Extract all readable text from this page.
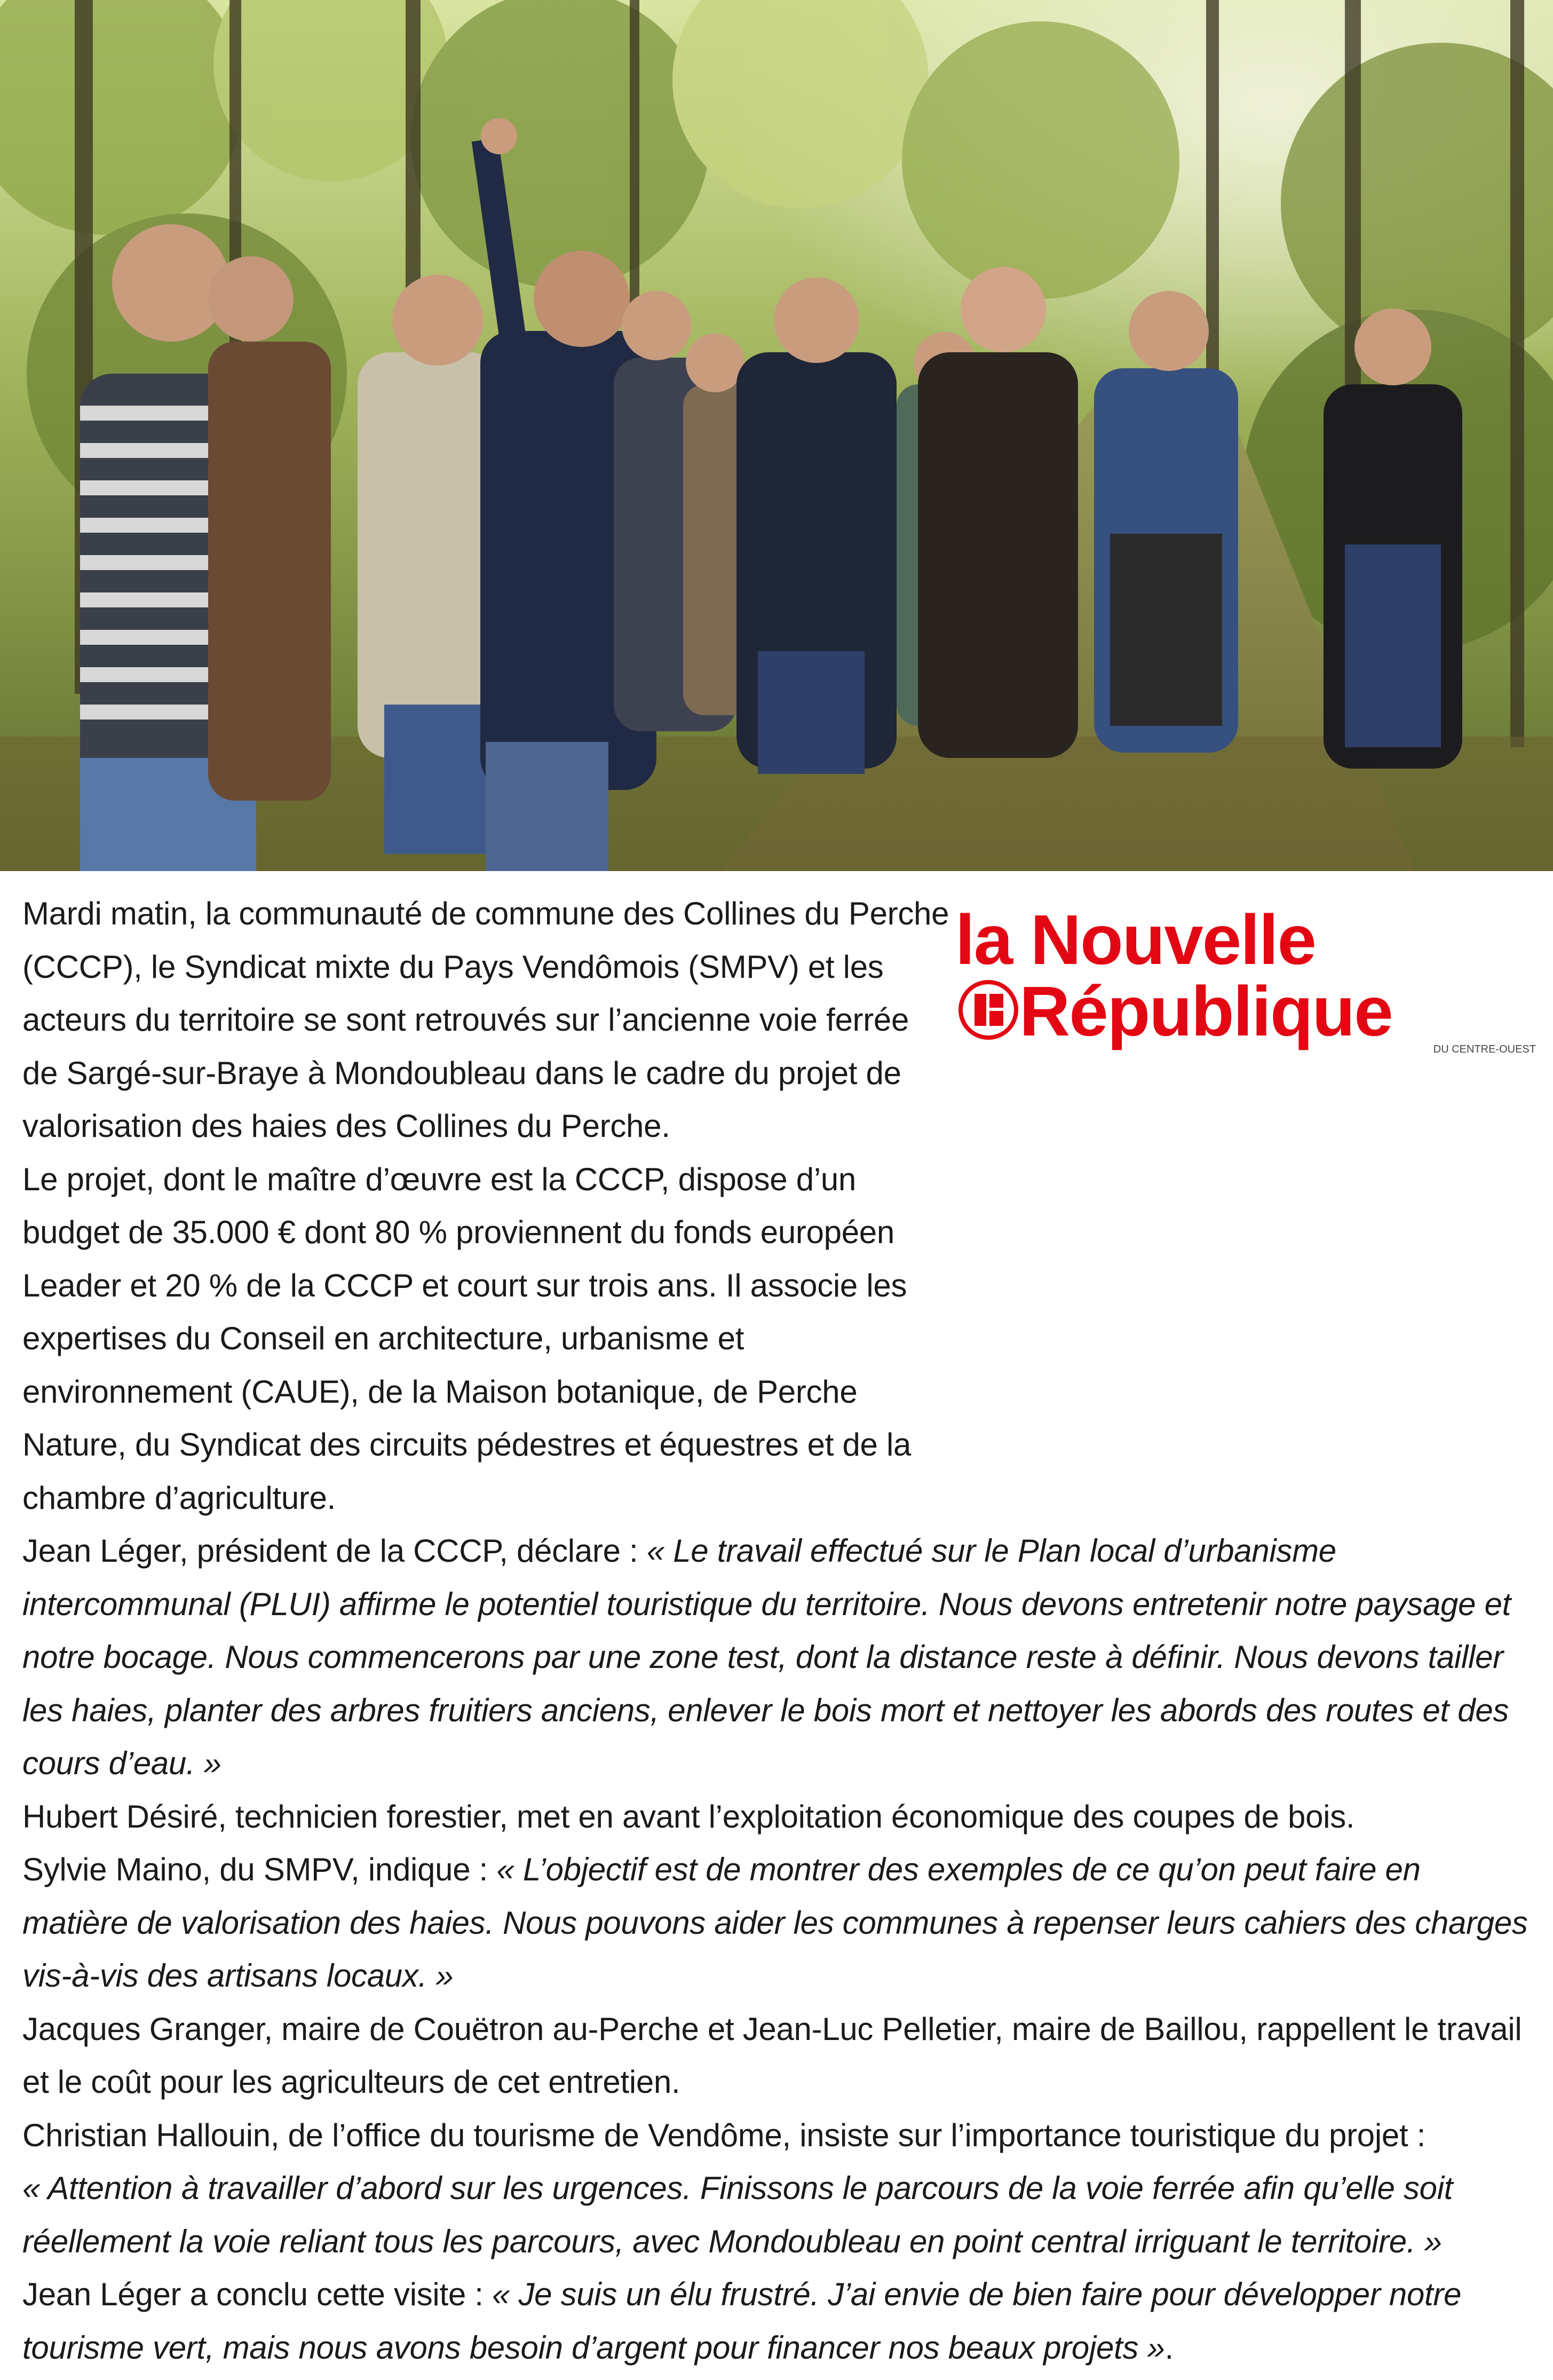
la Nouvelle
République	DU CENTRE-OUEST

Mardi matin, la communauté de commune des Collines du Perche (CCCP), le Syndicat mixte du Pays Vendômois (SMPV) et les acteurs du territoire se sont retrouvés sur l’ancienne voie ferrée de Sargé-sur-Braye à Mondoubleau dans le cadre du projet de valorisation des haies des Collines du Perche.

Le projet, dont le maître d’œuvre est la CCCP, dispose d’un budget de 35.000 € dont 80 % proviennent du fonds européen Leader et 20 % de la CCCP et court sur trois ans. Il associe les expertises du Conseil en architecture, urbanisme et environnement (CAUE), de la Maison botanique, de Perche Nature, du Syndicat des circuits pédestres et équestres et de la chambre d’agriculture.

Jean Léger, président de la CCCP, déclare : « Le travail effectué sur le Plan local d’urbanisme intercommunal (PLUI) affirme le potentiel touristique du territoire. Nous devons entretenir notre paysage et notre bocage. Nous commencerons par une zone test, dont la distance reste à définir. Nous devons tailler les haies, planter des arbres fruitiers anciens, enlever le bois mort et nettoyer les abords des routes et des cours d’eau. »

Hubert Désiré, technicien forestier, met en avant l’exploitation économique des coupes de bois.

Sylvie Maino, du SMPV, indique : « L’objectif est de montrer des exemples de ce qu’on peut faire en matière de valorisation des haies. Nous pouvons aider les communes à repenser leurs cahiers des charges vis-à-vis des artisans locaux. »

Jacques Granger, maire de Couëtron au-Perche et Jean-Luc Pelletier, maire de Baillou, rappellent le travail et le coût pour les agriculteurs de cet entretien.

Christian Hallouin, de l’office du tourisme de Vendôme, insiste sur l’importance touristique du projet :
« Attention à travailler d’abord sur les urgences. Finissons le parcours de la voie ferrée afin qu’elle soit réellement la voie reliant tous les parcours, avec Mondoubleau en point central irriguant le territoire. »

Jean Léger a conclu cette visite : « Je suis un élu frustré. J’ai envie de bien faire pour développer notre tourisme vert, mais nous avons besoin d’argent pour financer nos beaux projets ».
